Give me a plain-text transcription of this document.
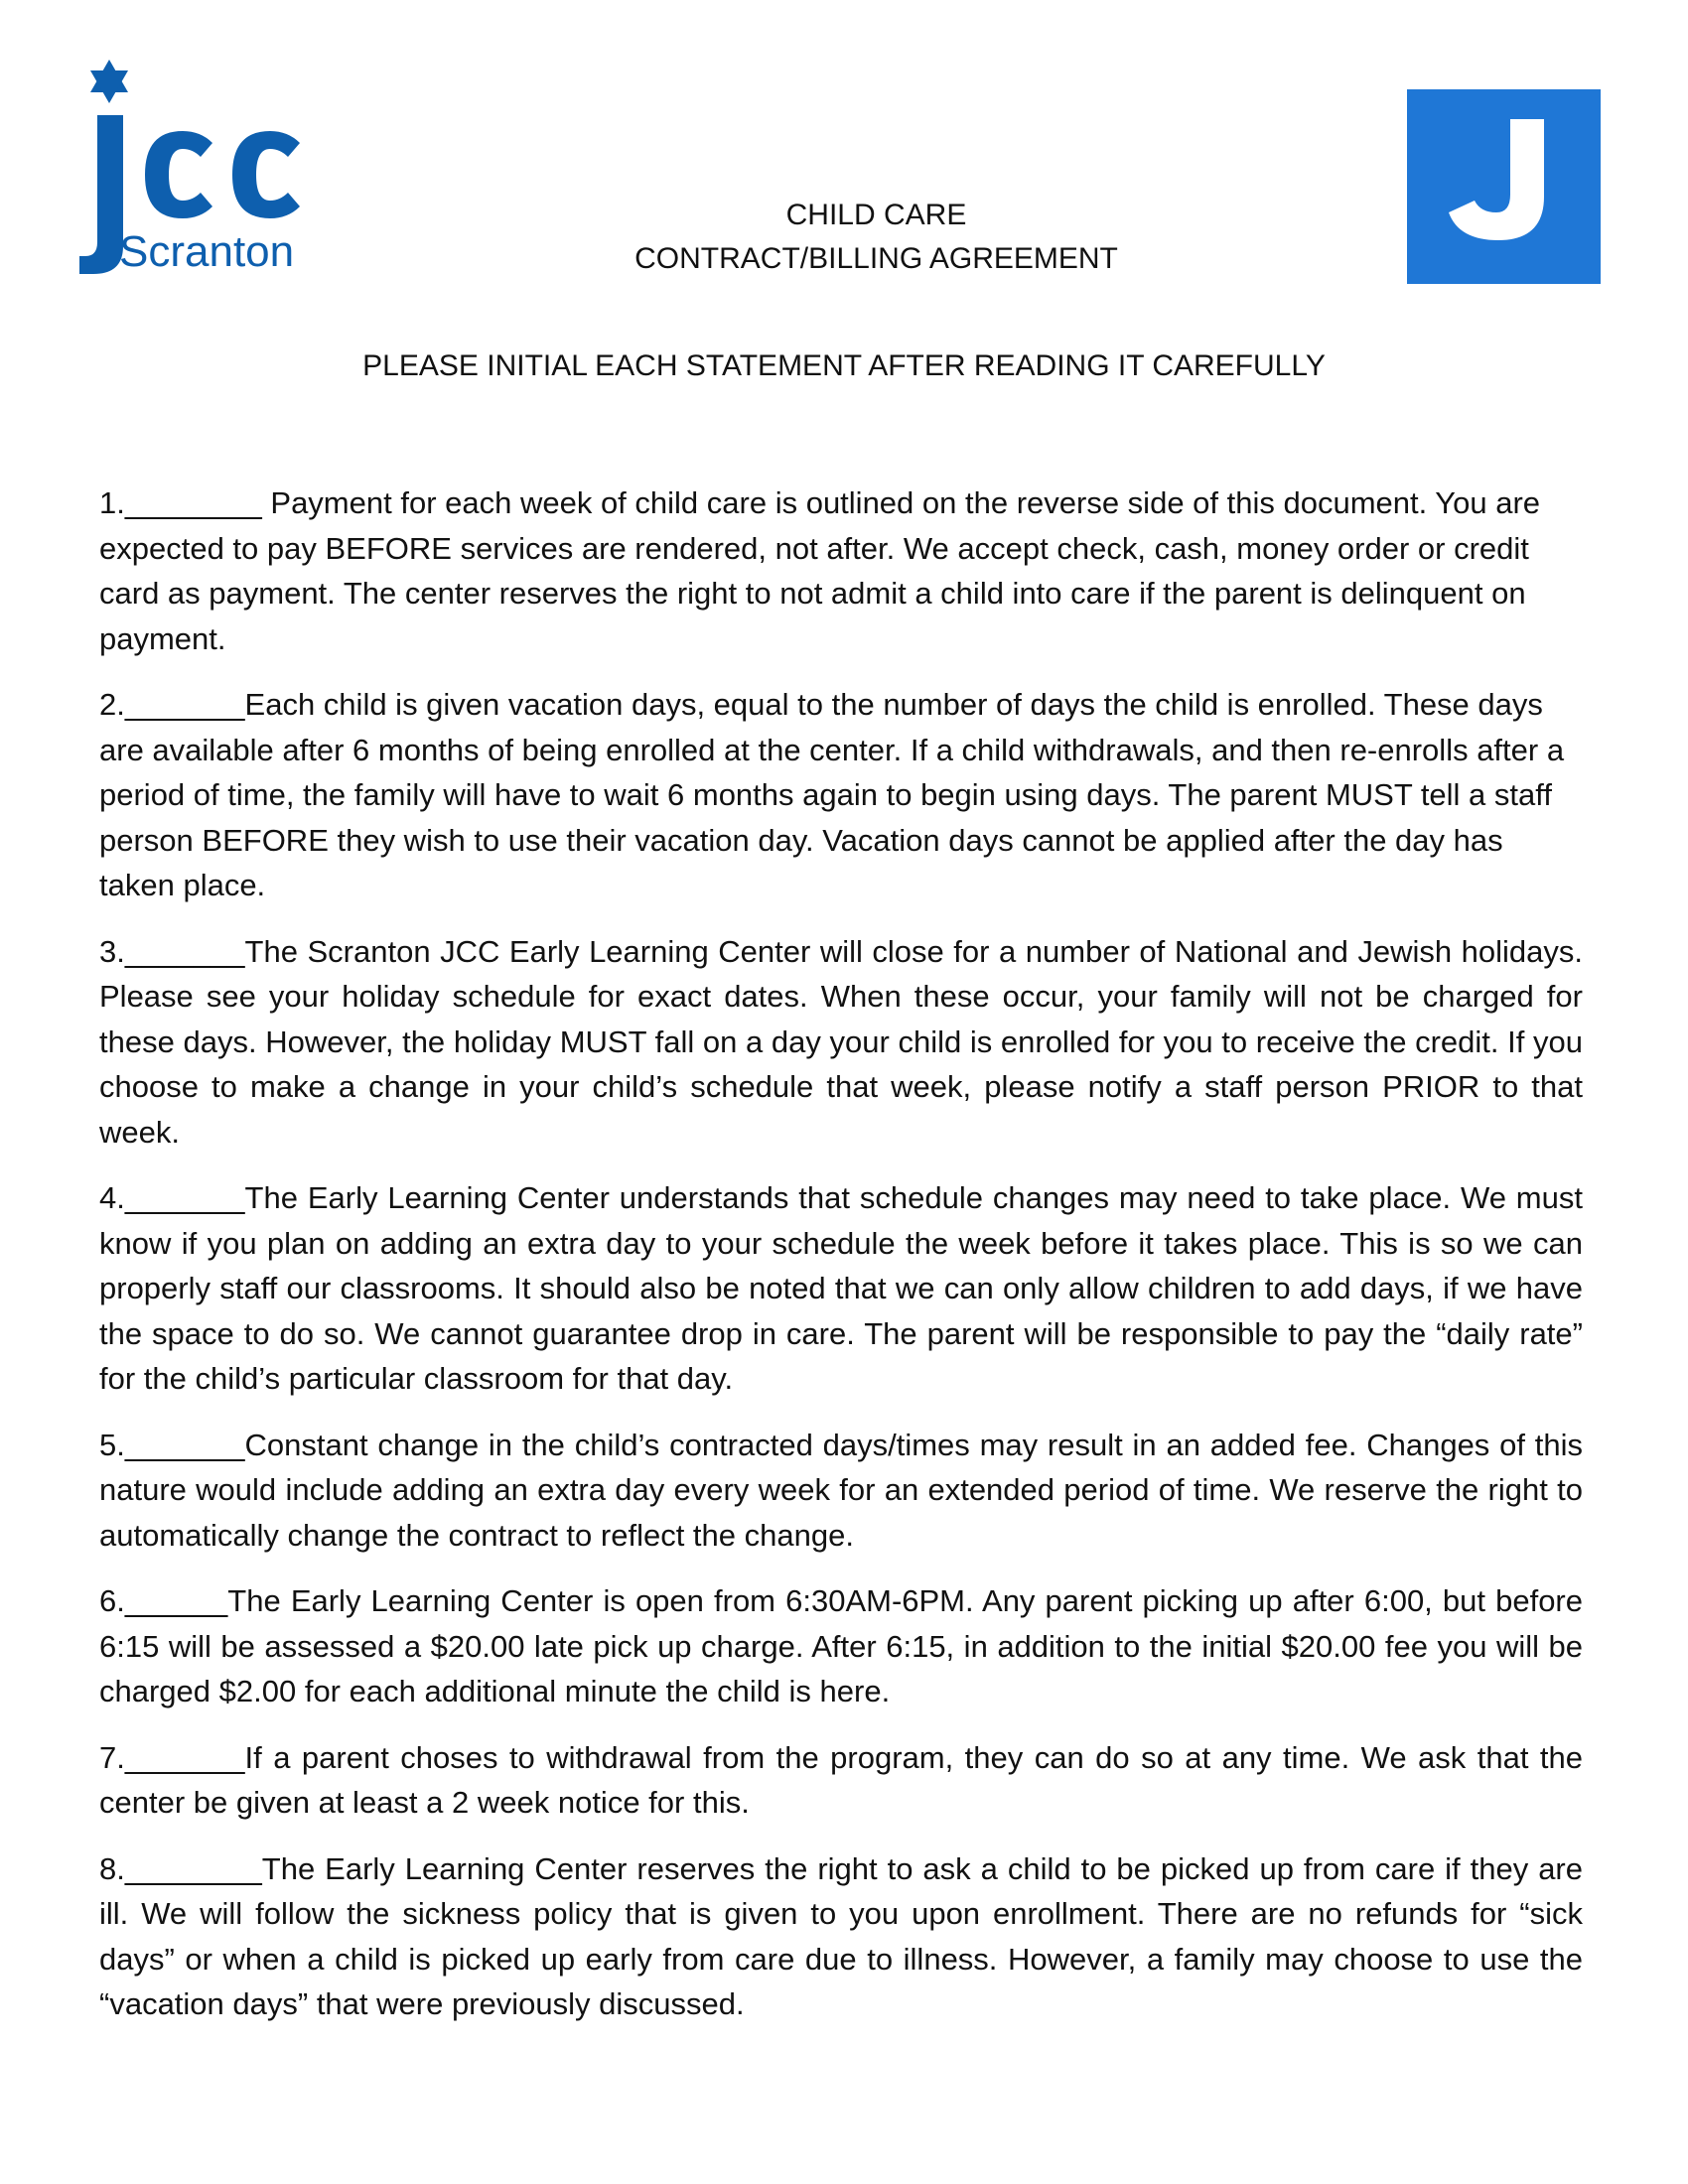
Scranton
CHILD CARE
CONTRACT/BILLING AGREEMENT
PLEASE INITIAL EACH STATEMENT AFTER READING IT CAREFULLY

1.________ Payment for each week of child care is outlined on the reverse side of this document. You are expected to pay BEFORE services are rendered, not after. We accept check, cash, money order or credit card as payment. The center reserves the right to not admit a child into care if the parent is delinquent on payment.

2._______Each child is given vacation days, equal to the number of days the child is enrolled. These days are available after 6 months of being enrolled at the center. If a child withdrawals, and then re-enrolls after a period of time, the family will have to wait 6 months again to begin using days. The parent MUST tell a staff person BEFORE they wish to use their vacation day. Vacation days cannot be applied after the day has taken place.

3._______The Scranton JCC Early Learning Center will close for a number of National and Jewish holidays. Please see your holiday schedule for exact dates. When these occur, your family will not be charged for these days. However, the holiday MUST fall on a day your child is enrolled for you to receive the credit. If you choose to make a change in your child’s schedule that week, please notify a staff person PRIOR to that week.

4._______The Early Learning Center understands that schedule changes may need to take place. We must know if you plan on adding an extra day to your schedule the week before it takes place. This is so we can properly staff our classrooms. It should also be noted that we can only allow children to add days, if we have the space to do so. We cannot guarantee drop in care. The parent will be responsible to pay the “daily rate” for the child’s particular classroom for that day.

5._______Constant change in the child’s contracted days/times may result in an added fee. Changes of this nature would include adding an extra day every week for an extended period of time. We reserve the right to automatically change the contract to reflect the change.

6.______The Early Learning Center is open from 6:30AM-6PM. Any parent picking up after 6:00, but before 6:15 will be assessed a $20.00 late pick up charge. After 6:15, in addition to the initial $20.00 fee you will be charged $2.00 for each additional minute the child is here.

7._______If a parent choses to withdrawal from the program, they can do so at any time. We ask that the center be given at least a 2 week notice for this.

8.________The Early Learning Center reserves the right to ask a child to be picked up from care if they are ill. We will follow the sickness policy that is given to you upon enrollment. There are no refunds for “sick days” or when a child is picked up early from care due to illness. However, a family may choose to use the “vacation days” that were previously discussed.
